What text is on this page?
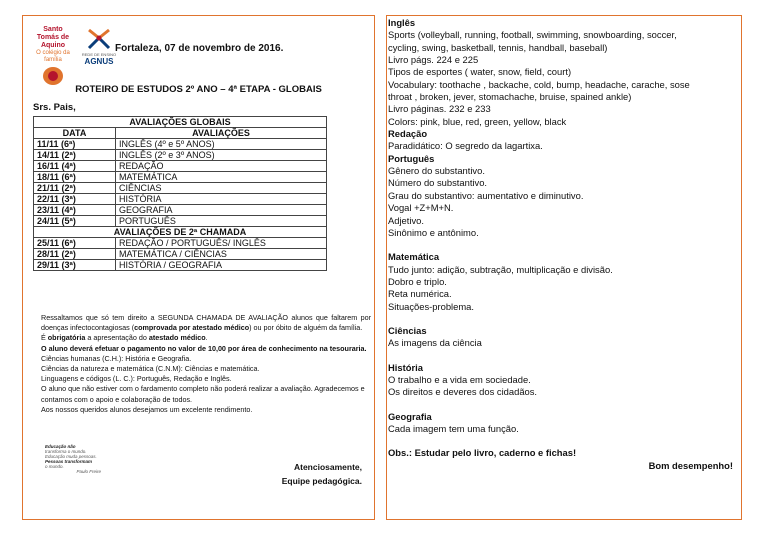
Santo Tomás de Aquino
O colégio da família
REDE DE ENSINO
AGNUS
Fortaleza, 07 de novembro de 2016.
ROTEIRO DE ESTUDOS 2º ANO – 4ª ETAPA - GLOBAIS
Srs. Pais,
AVALIAÇÕES GLOBAIS	
DATA	AVALIAÇÕES
11/11 (6ª)	INGLÊS (4º e 5º ANOS)
14/11 (2ª)	INGLÊS (2º e 3º ANOS)
16/11 (4ª)	REDAÇÃO
18/11 (6ª)	MATEMÁTICA
21/11 (2ª)	CIÊNCIAS
22/11 (3ª)	HISTÓRIA
23/11 (4ª)	GEOGRAFIA
24/11 (5ª)	PORTUGUÊS
AVALIAÇÕES DE 2ª CHAMADA	
25/11 (6ª)	REDAÇÃO / PORTUGUÊS/ INGLÊS
28/11 (2ª)	MATEMÁTICA / CIÊNCIAS
29/11 (3ª)	HISTÓRIA / GEOGRAFIA

Ressaltamos que só tem direito a SEGUNDA CHAMADA DE AVALIAÇÃO alunos que faltarem por doenças infectocontagiosas (comprovada por atestado médico) ou por óbito de alguém da família.

É obrigatória a apresentação do atestado médico.

O aluno deverá efetuar o pagamento no valor de 10,00 por área de conhecimento na tesouraria.

Ciências humanas (C.H.): História e Geografia.

Ciências da natureza e matemática (C.N.M): Ciências e matemática.

Linguagens e códigos (L. C.): Português, Redação e Inglês.

O aluno que não estiver com o fardamento completo não poderá realizar a avaliação. Agradecemos e contamos com o apoio e colaboração de todos.

Aos nossos queridos alunos desejamos um excelente rendimento.

Educação não
transforma o mundo.
Educação muda pessoas.
Pessoas transformam
o mundo.
Paulo Freire	Atenciosamente,
Equipe pedagógica.
Inglês
Sports (volleyball, running, football, swimming, snowboarding, soccer,
cycling, swing, basketball, tennis, handball, baseball)
Livro págs. 224 e 225
Tipos de esportes ( water, snow, field, court)
Vocabulary: toothache , backache, cold, bump, headache, carache, sose
throat , broken, jever, stomachache, bruise, spained ankle)
Livro páginas. 232 e 233
Colors: pink, blue, red, green, yellow, black
Redação
Paradidático: O segredo da lagartixa.
Português
Gênero do substantivo.
Número do substantivo.
Grau do substantivo: aumentativo e diminutivo.
Vogal +Z+M+N.
Adjetivo.
Sinônimo e antônimo.
Matemática
Tudo junto: adição, subtração, multiplicação e divisão.
Dobro e triplo.
Reta numérica.
Situações-problema.
Ciências
As imagens da ciência
História
O trabalho e a vida em sociedade.
Os direitos e deveres dos cidadãos.
Geografia
Cada imagem tem uma função.
Obs.: Estudar pelo livro, caderno e fichas!
Bom desempenho!
